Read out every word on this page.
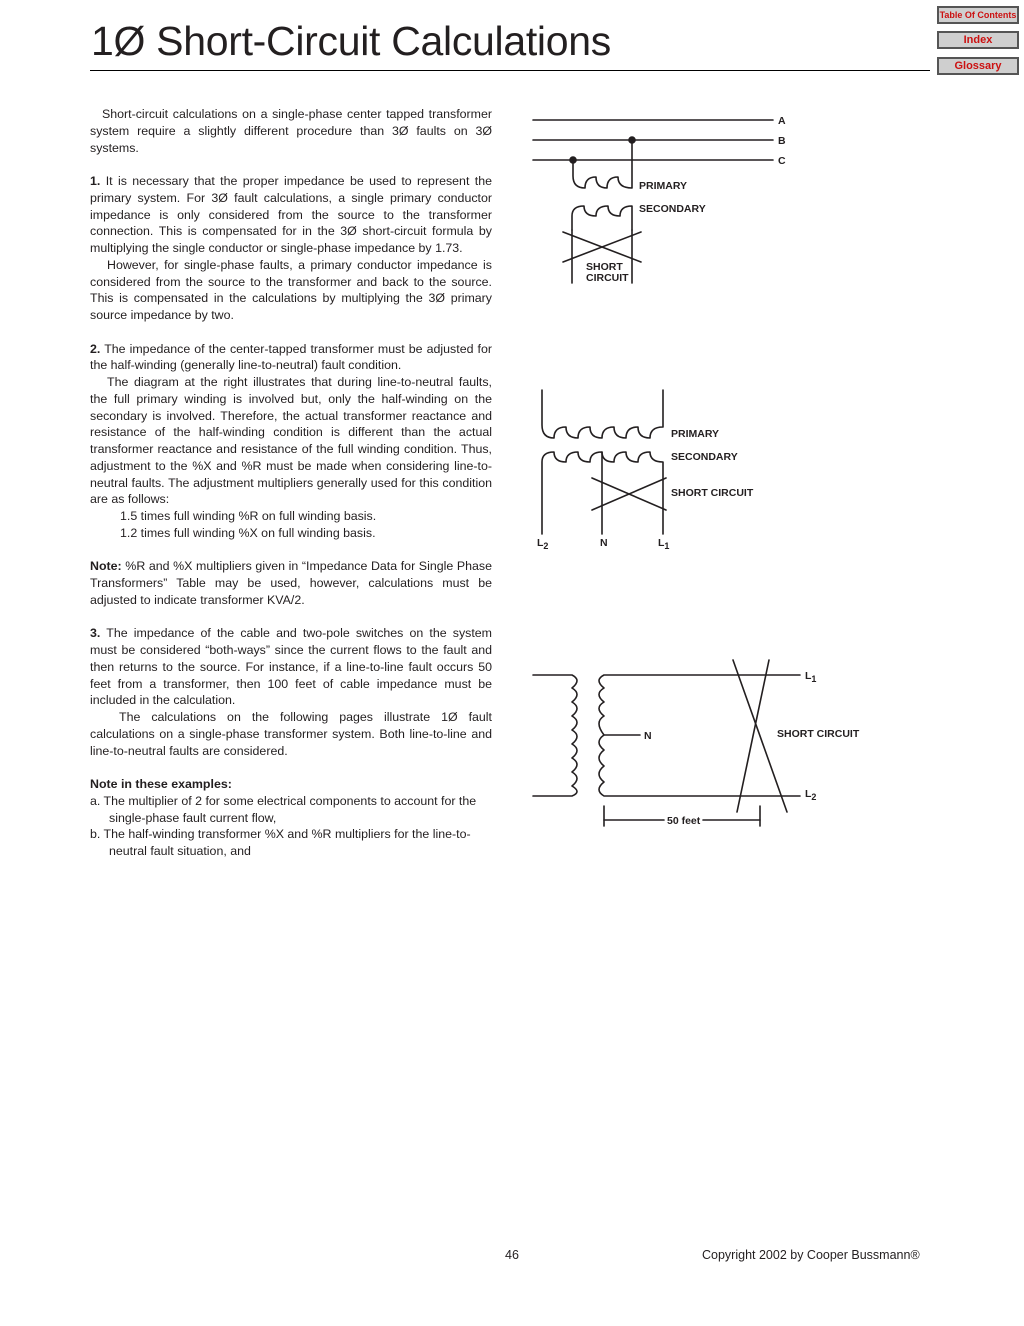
1Ø Short-Circuit Calculations
Table Of Contents
Index
Glossary

Short-circuit calculations on a single-phase center tapped transformer system require a slightly different procedure than 3Ø faults on 3Ø systems.

1. It is necessary that the proper impedance be used to represent the primary system. For 3Ø fault calculations, a single primary conductor impedance is only considered from the source to the transformer connection. This is compensated for in the 3Ø short-circuit formula by multiplying the single conductor or single-phase impedance by 1.73.

However, for single-phase faults, a primary conductor impedance is considered from the source to the transformer and back to the source. This is compensated in the calculations by multiplying the 3Ø primary source impedance by two.

2. The impedance of the center-tapped transformer must be adjusted for the half-winding (generally line-to-neutral) fault condition.

The diagram at the right illustrates that during line-to-neutral faults, the full primary winding is involved but, only the half-winding on the secondary is involved. Therefore, the actual transformer reactance and resistance of the half-winding condition is different than the actual transformer reactance and resistance of the full winding condition. Thus, adjustment to the %X and %R must be made when considering line-to-neutral faults. The adjustment multipliers generally used for this condition are as follows:

1.5 times full winding %R on full winding basis.

1.2 times full winding %X on full winding basis.

Note: %R and %X multipliers given in “Impedance Data for Single Phase Transformers” Table may be used, however, calculations must be adjusted to indicate transformer KVA/2.

3. The impedance of the cable and two-pole switches on the system must be considered “both-ways” since the current flows to the fault and then returns to the source. For instance, if a line-to-line fault occurs 50 feet from a transformer, then 100 feet of cable impedance must be included in the calculation.

The calculations on the following pages illustrate 1Ø fault calculations on a single-phase transformer system. Both line-to-line and line-to-neutral faults are considered.

Note in these examples:

a. The multiplier of 2 for some electrical components to account for the single-phase fault current flow,

b. The half-winding transformer %X and %R multipliers for the line-to-neutral fault situation, and

A
B
C
PRIMARY
SECONDARY
SHORT
CIRCUIT
PRIMARY
SECONDARY
SHORT CIRCUIT
L2	N	L1
L1
N	SHORT CIRCUIT
L2
50 feet
46	Copyright 2002 by Cooper Bussmann®
